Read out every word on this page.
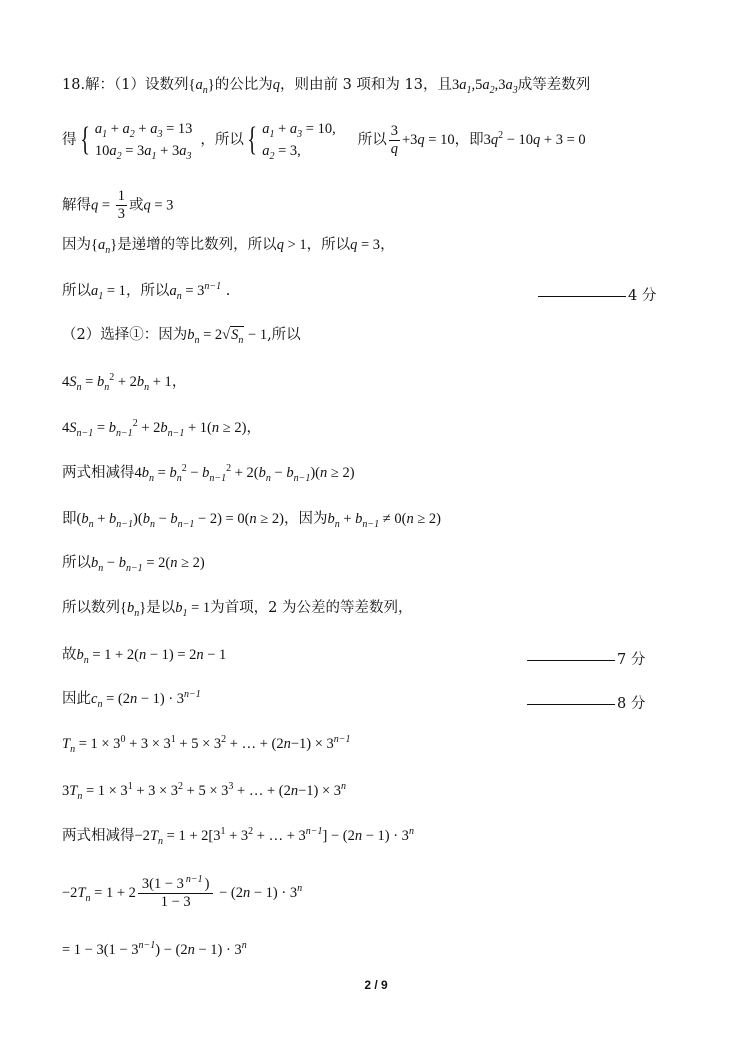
18.解：（1）设数列$\{a_n\}$的公比为q，则由前 3 项和为 13，且$3a_1,5a_2,3a_3$成等差数列
得{ $a_1 + a_2 + a_3 = 13$
$10a_2 = 3a_1 + 3a_3$，所以{ $a_1 + a_3 = 10$,
$a_2 = 3$,所以 $\frac{3}{q} +3q = 10$，即$3q^2 - 10q + 3 = 0$
解得$q = \frac{1}{3}$ 或q = 3
因为$\{a_n\}$是递增的等比数列，所以q > 1，所以q = 3，
所以$a_1 = 1$，所以$a_n = 3^{n-1}$ .	4 分
（2）选择①：因为$b_n = 2√S_n - 1$,所以
$4S_n = b_n^2 + 2b_n + 1$，
$4S_{n-1} = b_{n-1}^2 + 2b_{n-1} + 1(n \ge 2)$，
两式相减得$4b_n = b_n^2 - b_{n-1}^2 + 2(b_n - b_{n-1})(n \ge 2)$
即$(b_n + b_{n-1})(b_n - b_{n-1} - 2) = 0(n \ge 2)$，因为$b_n + b_{n-1} \ne 0(n \ge 2)$
所以$b_n - b_{n-1} = 2(n \ge 2)$
所以数列$\{b_n\}$是以$b_1 = 1$为首项，2 为公差的等差数列，
故$b_n = 1 + 2(n - 1) = 2n - 1$	7 分
因此$c_n = (2n - 1) \cdot 3^{n-1}$
8 分
$T_n = 1 \times 3^0 + 3 \times 3^1 + 5 \times 3^2$ + … + $(2n-1) \times 3^{n-1}$
$3T_n = 1 \times 3^1 + 3 \times 3^2 + 5 \times 3^3$ + … + $(2n-1) \times 3^n$
两式相减得$-2T_n = 1 + 2[3^1 + 3^2$ + … + $3^{n-1}] - (2n - 1) \cdot 3^n$
$-2T_n = 1 + 2 \frac{3(1 - 3 ^{n-1} )}{1 - 3} - (2n - 1) \cdot 3^n$
= $1 - 3(1 - 3^{n-1}) - (2n - 1) \cdot 3^n$
2 / 9
